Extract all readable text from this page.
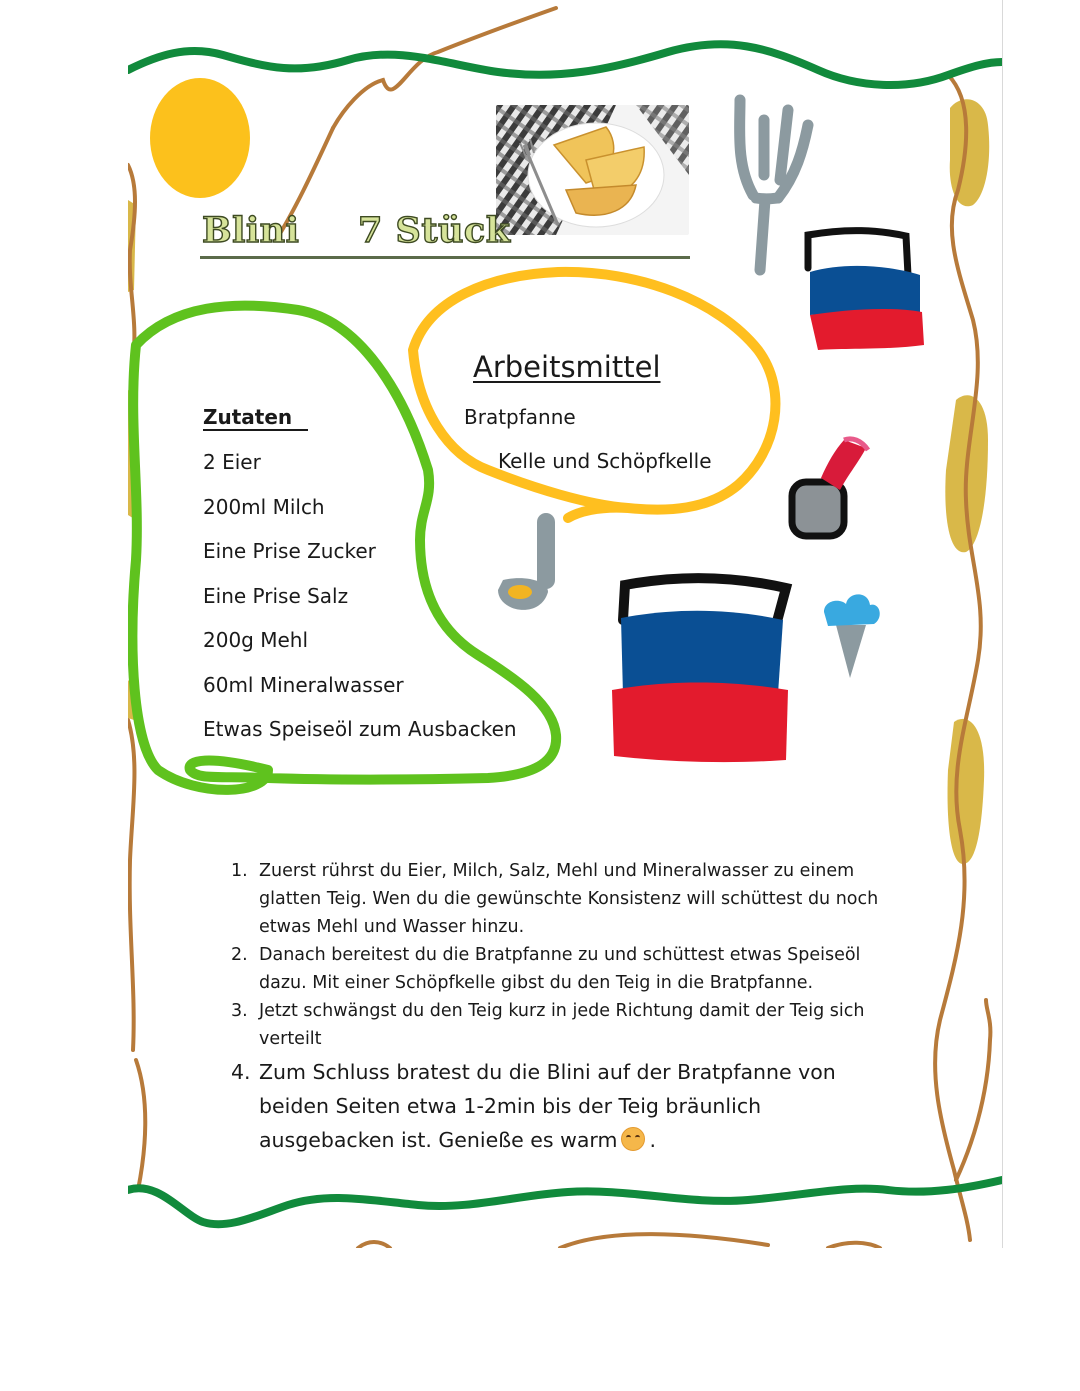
Blini 7 Stück
Arbeitsmittel
Bratpfanne
Kelle und Schöpfkelle
Zutaten
2 Eier
200ml Milch
Eine Prise Zucker
Eine Prise Salz
200g Mehl
60ml Mineralwasser
Etwas Speiseöl zum Ausbacken
1. Zuerst rührst du Eier, Milch, Salz, Mehl und Mineralwasser zu einem glatten Teig. Wen du die gewünschte Konsistenz will schüttest du noch etwas Mehl und Wasser hinzu.
2. Danach bereitest du die Bratpfanne zu und schüttest etwas Speiseöl dazu. Mit einer Schöpfkelle gibst du den Teig in die Bratpfanne.
3. Jetzt schwängst du den Teig kurz in jede Richtung damit der Teig sich verteilt
4. Zum Schluss bratest du die Blini auf der Bratpfanne von beiden Seiten etwa 1-2min bis der Teig bräunlich ausgebacken ist. Genieße es warm .
